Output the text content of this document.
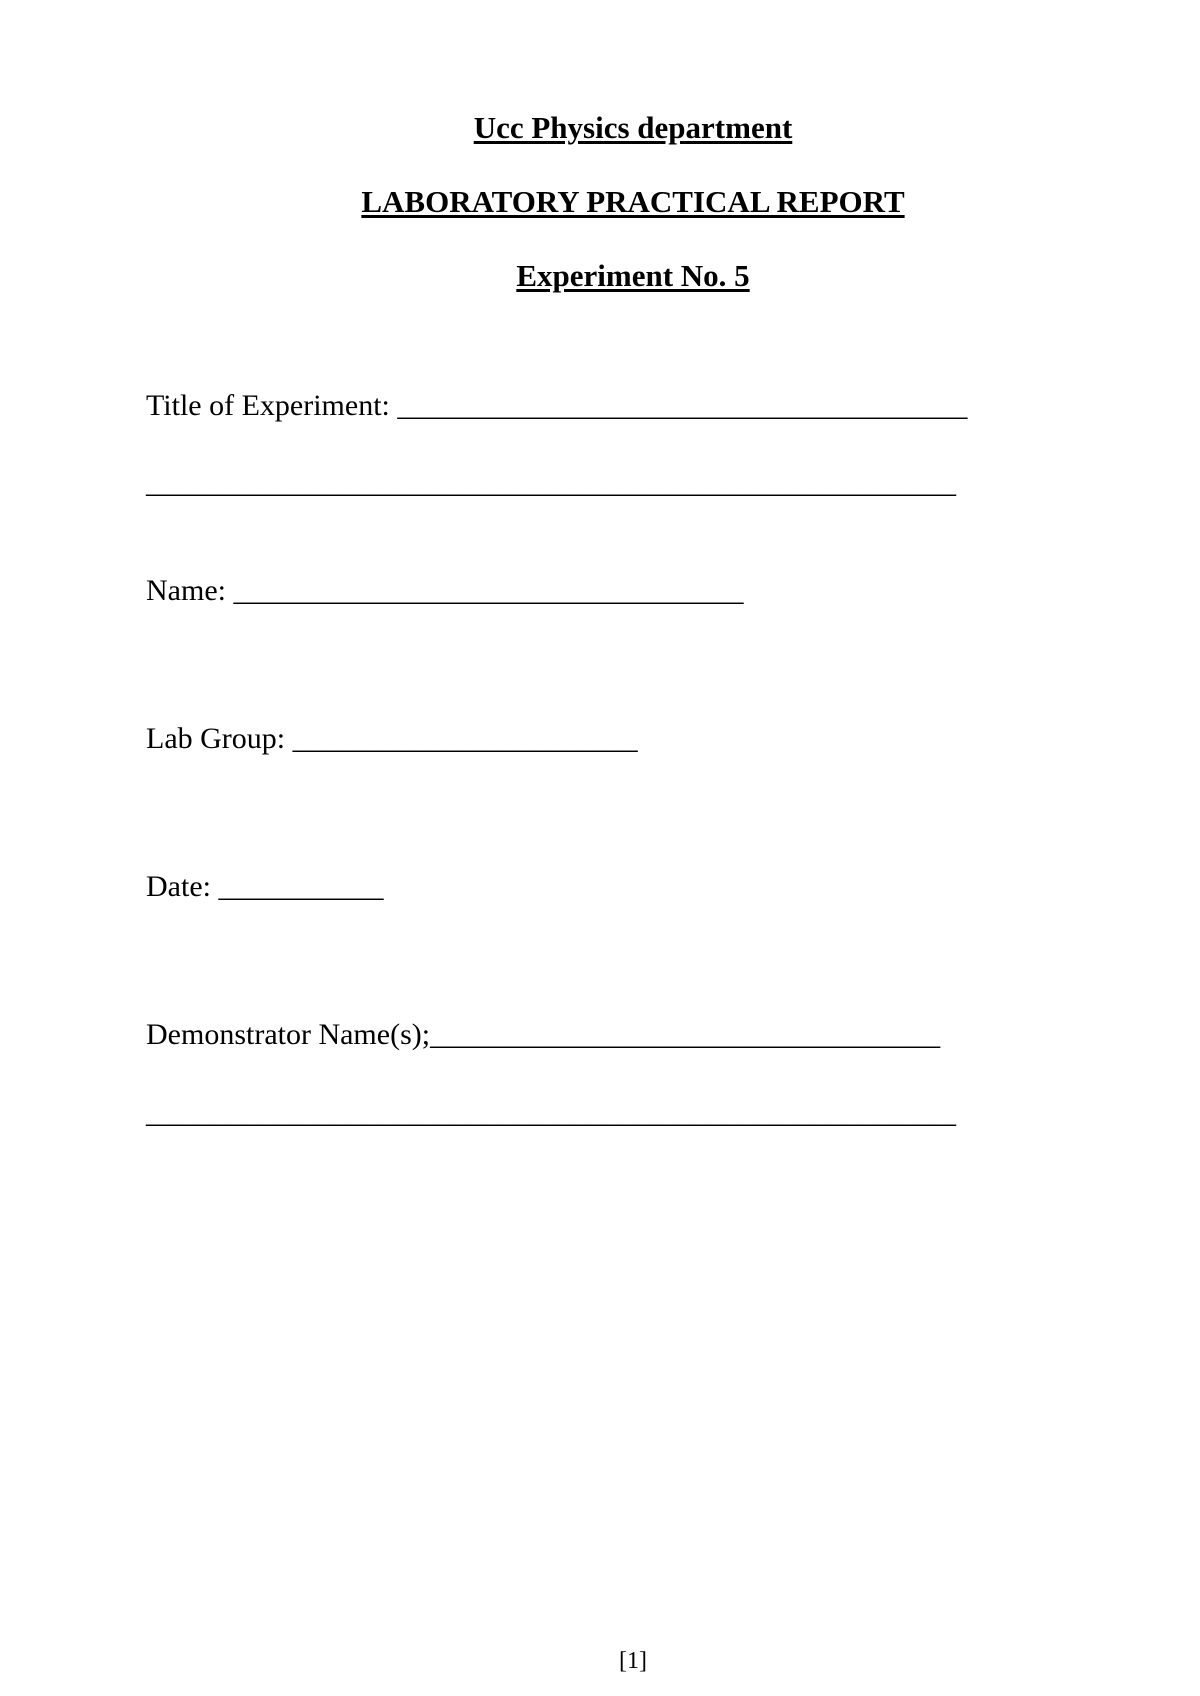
Ucc Physics department
LABORATORY PRACTICAL REPORT
Experiment No. 5
Title of Experiment: ______________________________________
______________________________________________________
Name: __________________________________
Lab Group: _______________________
Date: ___________
Demonstrator Name(s);__________________________________
______________________________________________________
[1]
